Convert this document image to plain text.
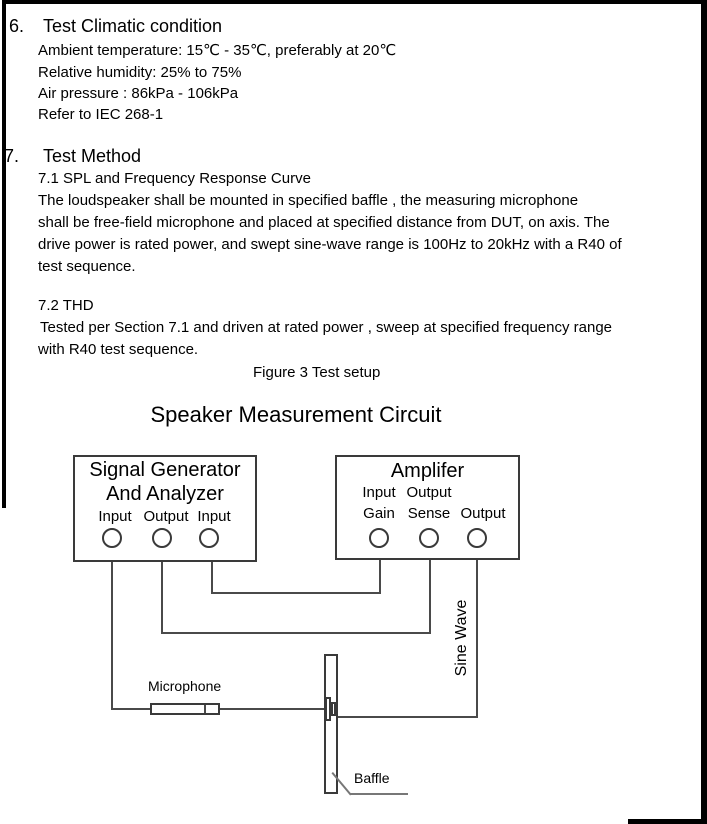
6. Test Climatic condition
Ambient temperature: 15℃ - 35℃, preferably at 20℃
Relative humidity: 25% to 75%
Air pressure : 86kPa - 106kPa
Refer to IEC 268-1
7. Test Method
7.1 SPL and Frequency Response Curve
The loudspeaker shall be mounted in specified baffle , the measuring microphone
shall be free-field microphone and placed at specified distance from DUT, on axis. The
drive power is rated power, and swept sine-wave range is 100Hz to 20kHz with a R40 of
test sequence.
7.2 THD
Tested per Section 7.1 and driven at rated power , sweep at specified frequency range
with R40 test sequence.
Figure 3 Test setup
Speaker Measurement Circuit
Signal Generator
And Analyzer
Input Output Input
Amplifer
Input Output
Gain Sense Output
Microphone
Baffle
Sine Wave
